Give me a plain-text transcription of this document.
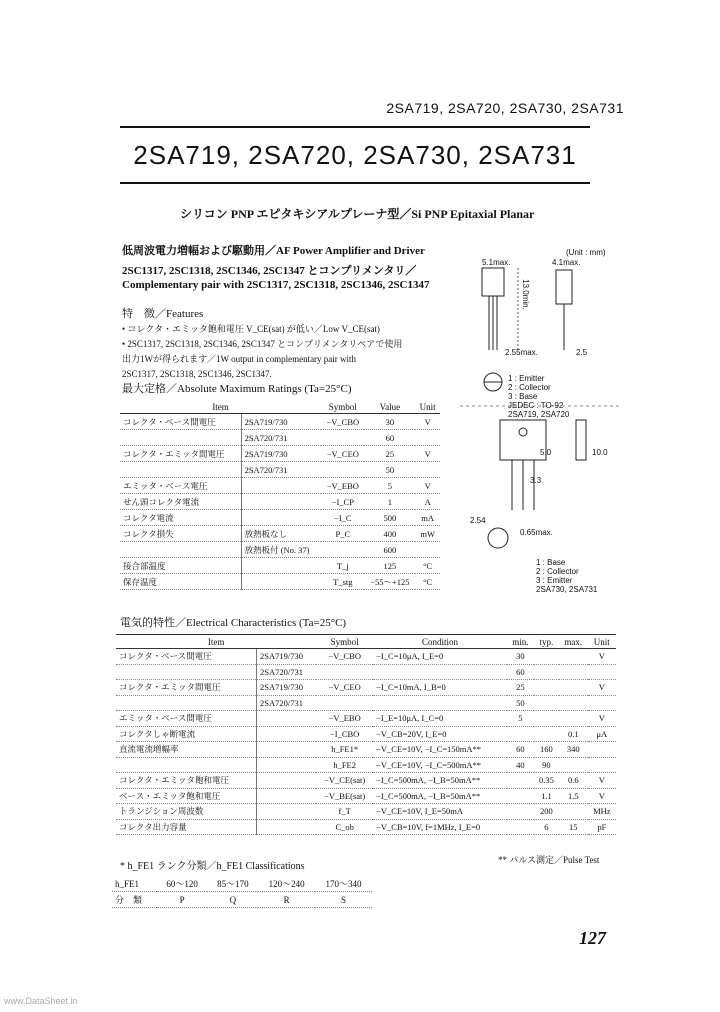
2SA719, 2SA720, 2SA730, 2SA731
2SA719, 2SA720, 2SA730, 2SA731
シリコン PNP エピタキシアルプレーナ型／Si PNP Epitaxial Planar
低周波電力増幅および駆動用／AF Power Amplifier and Driver
2SC1317, 2SC1318, 2SC1346, 2SC1347 とコンプリメンタリ／
Complementary pair with 2SC1317, 2SC1318, 2SC1346, 2SC1347
特　徴／Features
• コレクタ・エミッタ飽和電圧 V_CE(sat) が低い／Low V_CE(sat)
• 2SC1317, 2SC1318, 2SC1346, 2SC1347 とコンプリメンタリペアで使用
出力1Wが得られます／1W output in complementary pair with
2SC1317, 2SC1318, 2SC1346, 2SC1347.
最大定格／Absolute Maximum Ratings (Ta=25°C)
Item		Symbol	Value	Unit
コレクタ・ベース間電圧	2SA719/730	−V_CBO	30	V
	2SA720/731		60	
コレクタ・エミッタ間電圧	2SA719/730	−V_CEO	25	V
	2SA720/731		50	
エミッタ・ベース電圧		−V_EBO	5	V
せん頭コレクタ電流		−I_CP	1	A
コレクタ電流		−I_C	500	mA
コレクタ損失	放熱板なし	P_C	400	mW
	放熱板付 (No. 37)		600	
接合部温度		T_j	125	°C
保存温度		T_stg	−55〜+125	°C
(Unit : mm)
5.1max.	4.1max.
13.0min.
2.55max.	2.5
1 : Emitter
2 : Collector
3 : Base
JEDEC : TO-92
2SA719, 2SA720
5.0	10.0
3.3
2.54
0.65max.
1 : Base
2 : Collector
3 : Emitter
2SA730, 2SA731
電気的特性／Electrical Characteristics (Ta=25°C)
Item		Symbol	Condition	min.	typ.	max.	Unit
コレクタ・ベース間電圧	2SA719/730	−V_CBO	−I_C=10μA, I_E=0	30			V
	2SA720/731			60			
コレクタ・エミッタ間電圧	2SA719/730	−V_CEO	−I_C=10mA, I_B=0	25			V
	2SA720/731			50			
エミッタ・ベース間電圧		−V_EBO	−I_E=10μA, I_C=0	5			V
コレクタしゃ断電流		−I_CBO	−V_CB=20V, I_E=0			0.1	μA
直流電流増幅率		h_FE1*	−V_CE=10V, −I_C=150mA**	60	160	340	
		h_FE2	−V_CE=10V, −I_C=500mA**	40	90		
コレクタ・エミッタ飽和電圧		−V_CE(sat)	−I_C=500mA, −I_B=50mA**		0.35	0.6	V
ベース・エミッタ飽和電圧		−V_BE(sat)	−I_C=500mA, −I_B=50mA**		1.1	1.5	V
トランジション周波数		f_T	−V_CE=10V, I_E=50mA		200		MHz
コレクタ出力容量		C_ob	−V_CB=10V, f=1MHz, I_E=0		6	15	pF
* h_FE1 ランク分類／h_FE1 Classifications
** パルス測定／Pulse Test
h_FE1	60〜120	85〜170	120〜240	170〜340
分　類	P	Q	R	S
127
www.DataSheet.in
